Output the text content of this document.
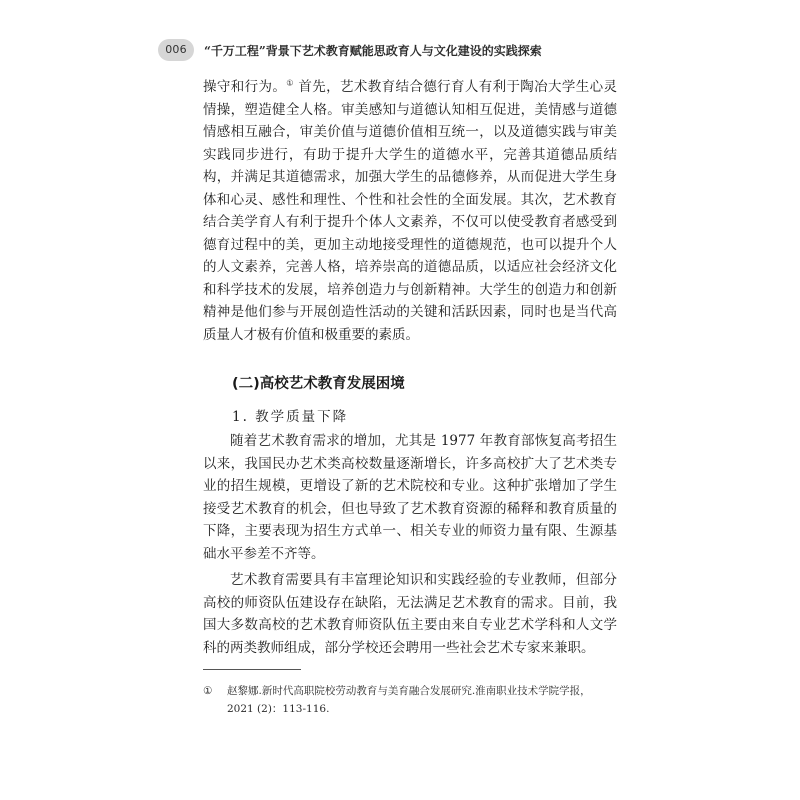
006	“千万工程”背景下艺术教育赋能思政育人与文化建设的实践探索

操守和行为。① 首先，艺术教育结合德行育人有利于陶冶大学生心灵情操，塑造健全人格。审美感知与道德认知相互促进，美情感与道德情感相互融合，审美价值与道德价值相互统一，以及道德实践与审美实践同步进行，有助于提升大学生的道德水平，完善其道德品质结构，并满足其道德需求，加强大学生的品德修养，从而促进大学生身体和心灵、感性和理性、个性和社会性的全面发展。其次，艺术教育结合美学育人有利于提升个体人文素养，不仅可以使受教育者感受到德育过程中的美，更加主动地接受理性的道德规范，也可以提升个人的人文素养，完善人格，培养崇高的道德品质，以适应社会经济文化和科学技术的发展，培养创造力与创新精神。大学生的创造力和创新精神是他们参与开展创造性活动的关键和活跃因素，同时也是当代高质量人才极有价值和极重要的素质。

(二)高校艺术教育发展困境
1. 教学质量下降

随着艺术教育需求的增加，尤其是 1977 年教育部恢复高考招生以来，我国民办艺术类高校数量逐渐增长，许多高校扩大了艺术类专业的招生规模，更增设了新的艺术院校和专业。这种扩张增加了学生接受艺术教育的机会，但也导致了艺术教育资源的稀释和教育质量的下降，主要表现为招生方式单一、相关专业的师资力量有限、生源基础水平参差不齐等。

艺术教育需要具有丰富理论知识和实践经验的专业教师，但部分高校的师资队伍建设存在缺陷，无法满足艺术教育的需求。目前，我国大多数高校的艺术教育师资队伍主要由来自专业艺术学科和人文学科的两类教师组成，部分学校还会聘用一些社会艺术专家来兼职。

① 赵黎娜.新时代高职院校劳动教育与美育融合发展研究.淮南职业技术学院学报，
2021 (2)：113-116.
